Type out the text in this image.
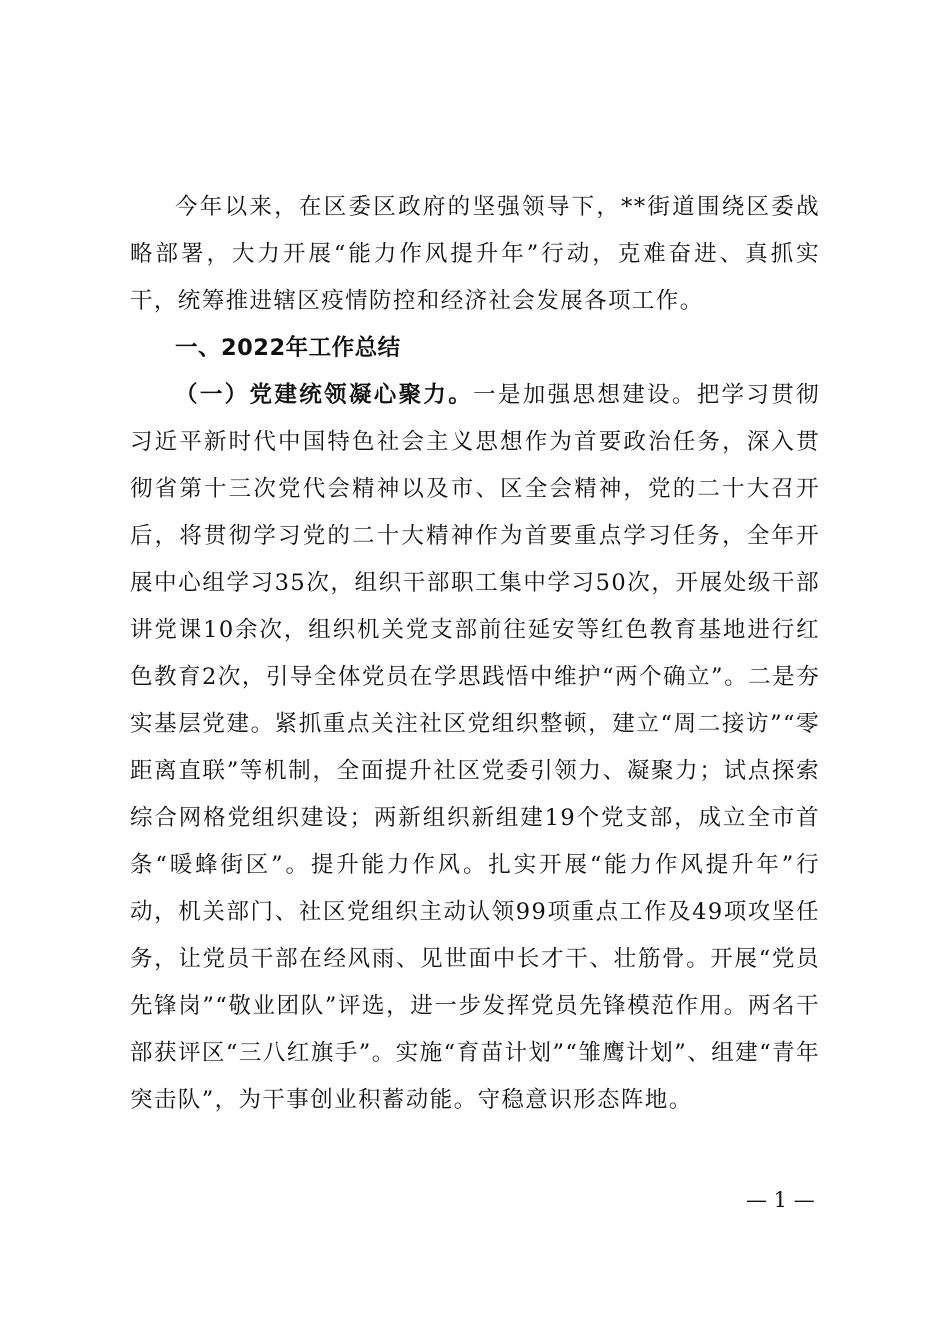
今年以来，在区委区政府的坚强领导下，**街道围绕区委战略部署，大力开展“能力作风提升年”行动，克难奋进、真抓实干，统筹推进辖区疫情防控和经济社会发展各项工作。

一、2022年工作总结

（一）党建统领凝心聚力。一是加强思想建设。把学习贯彻习近平新时代中国特色社会主义思想作为首要政治任务，深入贯彻省第十三次党代会精神以及市、区全会精神，党的二十大召开后，将贯彻学习党的二十大精神作为首要重点学习任务，全年开展中心组学习35次，组织干部职工集中学习50次，开展处级干部讲党课10余次，组织机关党支部前往延安等红色教育基地进行红色教育2次，引导全体党员在学思践悟中维护“两个确立”。二是夯实基层党建。紧抓重点关注社区党组织整顿，建立“周二接访”“零距离直联”等机制，全面提升社区党委引领力、凝聚力；试点探索综合网格党组织建设；两新组织新组建19个党支部，成立全市首条“暖蜂街区”。提升能力作风。扎实开展“能力作风提升年”行动，机关部门、社区党组织主动认领99项重点工作及49项攻坚任务，让党员干部在经风雨、见世面中长才干、壮筋骨。开展“党员先锋岗”“敬业团队”评选，进一步发挥党员先锋模范作用。两名干部获评区“三八红旗手”。实施“育苗计划”“雏鹰计划”、组建“青年突击队”，为干事创业积蓄动能。守稳意识形态阵地。

— 1 —
